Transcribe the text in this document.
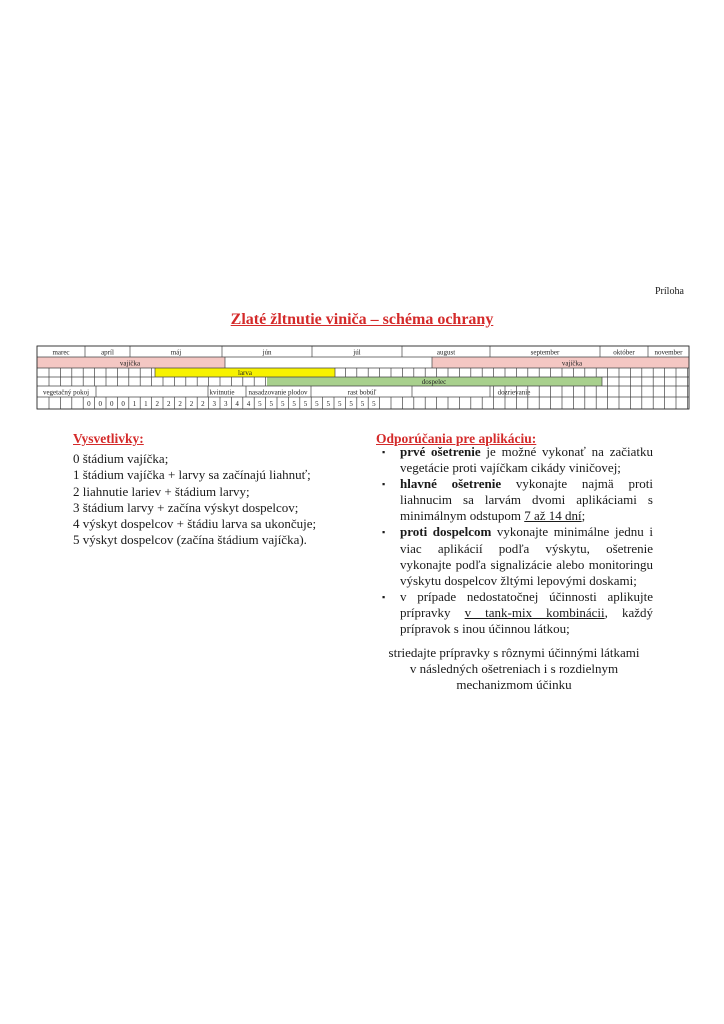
Príloha
Zlaté žltnutie viniča – schéma ochrany
marec	apríl	máj	jún	júl	august	september	október	november
vajíčka	vajíčka
larva
dospelec
vegetačný pokoj	kvitnutie nasadzovanie plodov	rast bobúľ	dozrievanie
0 0 0 0 1 1 2 2 2 2 2 3 3 4 4 5 5 5 5 5 5 5 5 5 5 5
Vysvetlivky:
0 štádium vajíčka;
1 štádium vajíčka + larvy sa začínajú liahnuť;
2 liahnutie lariev + štádium larvy;
3 štádium larvy + začína výskyt dospelcov;
4 výskyt dospelcov + štádiu larva sa ukončuje;
5 výskyt dospelcov (začína štádium vajíčka).
Odporúčania pre aplikáciu:
▪ prvé ošetrenie je možné vykonať na začiatku vegetácie proti vajíčkam cikády viničovej;
▪ hlavné ošetrenie vykonajte najmä proti liahnucim sa larvám dvomi aplikáciami s minimálnym odstupom 7 až 14 dní;
▪ proti dospelcom vykonajte minimálne jednu i viac aplikácií podľa výskytu, ošetrenie vykonajte podľa signalizácie alebo monitoringu výskytu dospelcov žltými lepovými doskami;
▪ v prípade nedostatočnej účinnosti aplikujte prípravky v tank-mix kombinácii, každý prípravok s inou účinnou látkou;
striedajte prípravky s rôznymi účinnými látkami
v následných ošetreniach i s rozdielnym
mechanizmom účinku
